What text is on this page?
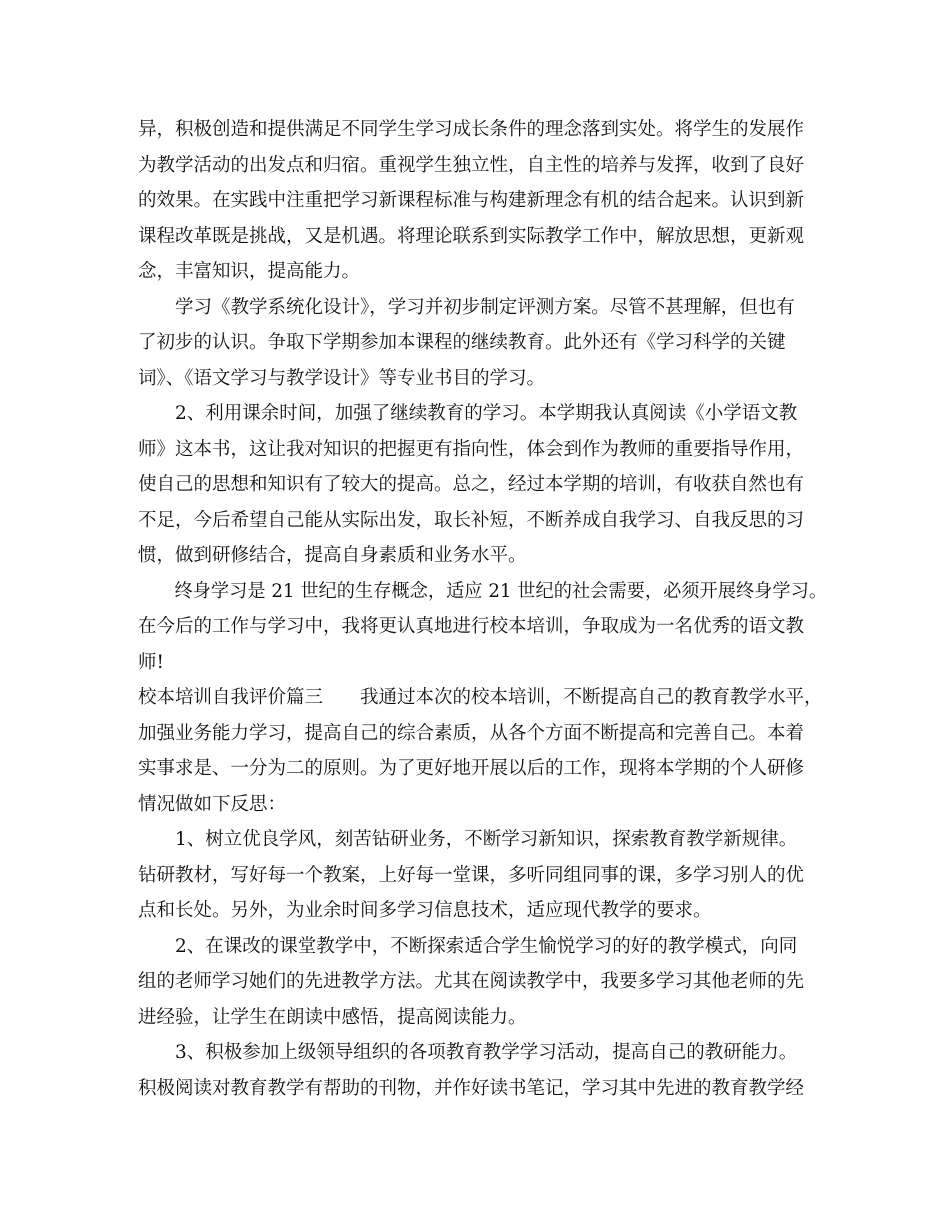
异，积极创造和提供满足不同学生学习成长条件的理念落到实处。将学生的发展作
为教学活动的出发点和归宿。重视学生独立性，自主性的培养与发挥，收到了良好
的效果。在实践中注重把学习新课程标准与构建新理念有机的结合起来。认识到新
课程改革既是挑战，又是机遇。将理论联系到实际教学工作中，解放思想，更新观
念，丰富知识，提高能力。
学习《教学系统化设计》，学习并初步制定评测方案。尽管不甚理解，但也有
了初步的认识。争取下学期参加本课程的继续教育。此外还有《学习科学的关键
词》、《语文学习与教学设计》等专业书目的学习。
2、利用课余时间，加强了继续教育的学习。本学期我认真阅读《小学语文教
师》这本书，这让我对知识的把握更有指向性，体会到作为教师的重要指导作用，
使自己的思想和知识有了较大的提高。总之，经过本学期的培训，有收获自然也有
不足，今后希望自己能从实际出发，取长补短，不断养成自我学习、自我反思的习
惯，做到研修结合，提高自身素质和业务水平。
终身学习是 21 世纪的生存概念，适应 21 世纪的社会需要，必须开展终身学习。
在今后的工作与学习中，我将更认真地进行校本培训，争取成为一名优秀的语文教
师!
校本培训自我评价篇三　　我通过本次的校本培训，不断提高自己的教育教学水平，
加强业务能力学习，提高自己的综合素质，从各个方面不断提高和完善自己。本着
实事求是、一分为二的原则。为了更好地开展以后的工作，现将本学期的个人研修
情况做如下反思：
1、树立优良学风，刻苦钻研业务，不断学习新知识，探索教育教学新规律。
钻研教材，写好每一个教案，上好每一堂课，多听同组同事的课，多学习别人的优
点和长处。另外，为业余时间多学习信息技术，适应现代教学的要求。
2、在课改的课堂教学中，不断探索适合学生愉悦学习的好的教学模式，向同
组的老师学习她们的先进教学方法。尤其在阅读教学中，我要多学习其他老师的先
进经验，让学生在朗读中感悟，提高阅读能力。
3、积极参加上级领导组织的各项教育教学学习活动，提高自己的教研能力。
积极阅读对教育教学有帮助的刊物，并作好读书笔记，学习其中先进的教育教学经
